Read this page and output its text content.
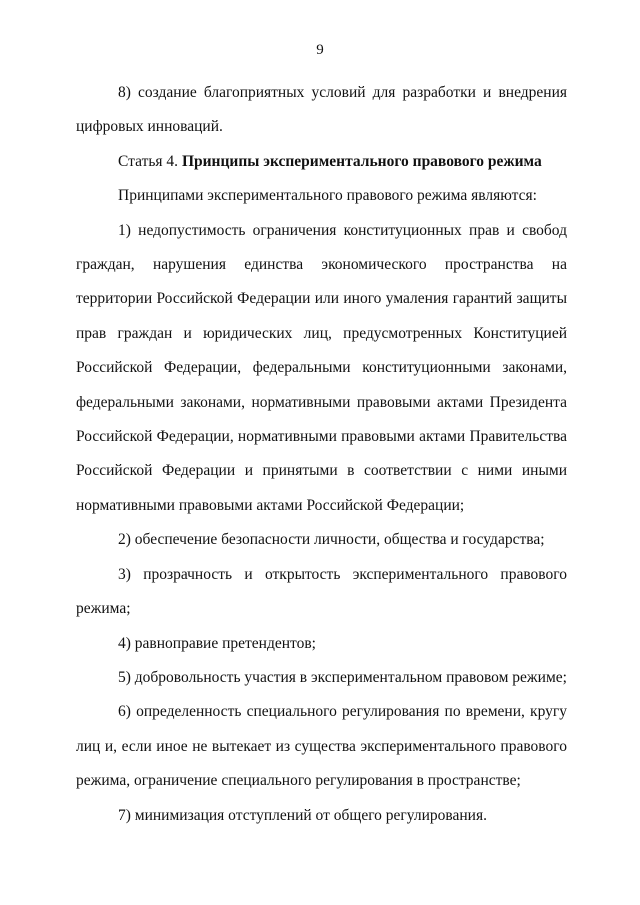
9

8) создание благоприятных условий для разработки и внедрения цифровых инноваций.

Статья 4. Принципы экспериментального правового режима

Принципами экспериментального правового режима являются:

1) недопустимость ограничения конституционных прав и свобод граждан, нарушения единства экономического пространства на территории Российской Федерации или иного умаления гарантий защиты прав граждан и юридических лиц, предусмотренных Конституцией Российской Федерации, федеральными конституционными законами, федеральными законами, нормативными правовыми актами Президента Российской Федерации, нормативными правовыми актами Правительства Российской Федерации и принятыми в соответствии с ними иными нормативными правовыми актами Российской Федерации;

2) обеспечение безопасности личности, общества и государства;

3) прозрачность и открытость экспериментального правового режима;

4) равноправие претендентов;

5) добровольность участия в экспериментальном правовом режиме;

6) определенность специального регулирования по времени, кругу лиц и, если иное не вытекает из существа экспериментального правового режима, ограничение специального регулирования в пространстве;

7) минимизация отступлений от общего регулирования.
